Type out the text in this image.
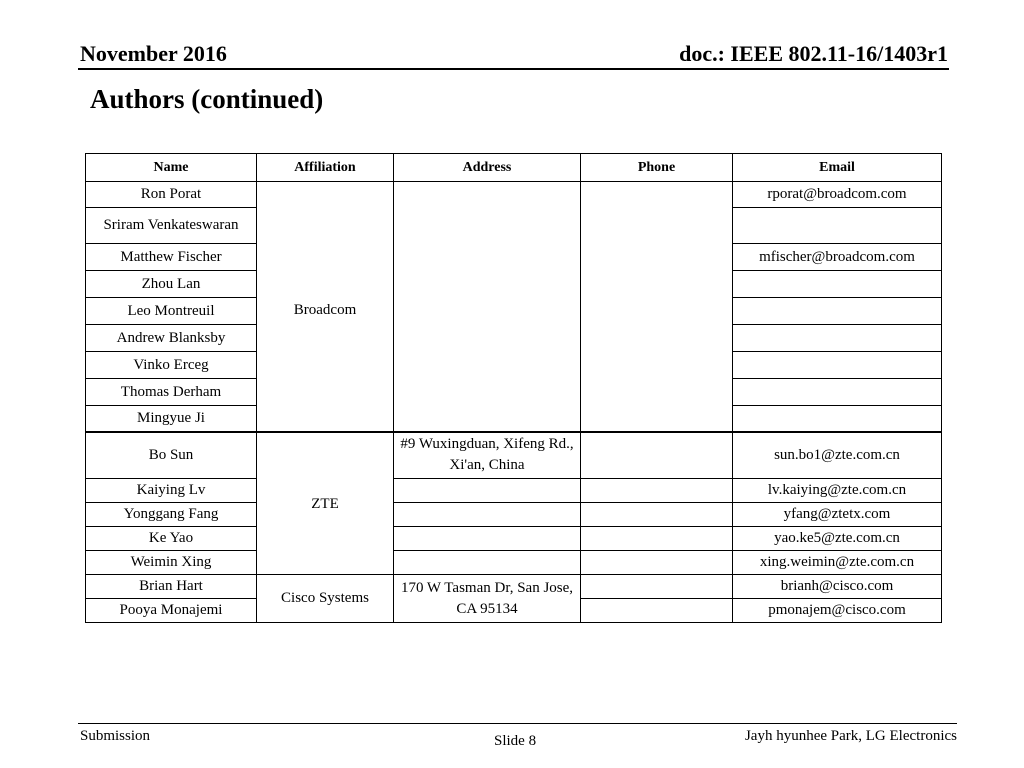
November 2016	doc.: IEEE 802.11-16/1403r1
Authors (continued)
Name	Affiliation	Address	Phone	Email
Ron Porat	Broadcom			rporat@broadcom.com
Sriram Venkateswaran				
Matthew Fischer				mfischer@broadcom.com
Zhou Lan				
Leo Montreuil				
Andrew Blanksby				
Vinko Erceg				
Thomas Derham				
Mingyue Ji				
Bo Sun	ZTE	#9 Wuxingduan, Xifeng Rd., Xi'an, China		sun.bo1@zte.com.cn
Kaiying Lv				lv.kaiying@zte.com.cn
Yonggang Fang				yfang@ztetx.com
Ke Yao				yao.ke5@zte.com.cn
Weimin Xing				xing.weimin@zte.com.cn
Brian Hart	Cisco Systems	170 W Tasman Dr, San Jose, CA 95134		brianh@cisco.com
Pooya Monajemi				pmonajem@cisco.com
Submission	Slide 8	Jayh hyunhee Park, LG Electronics
